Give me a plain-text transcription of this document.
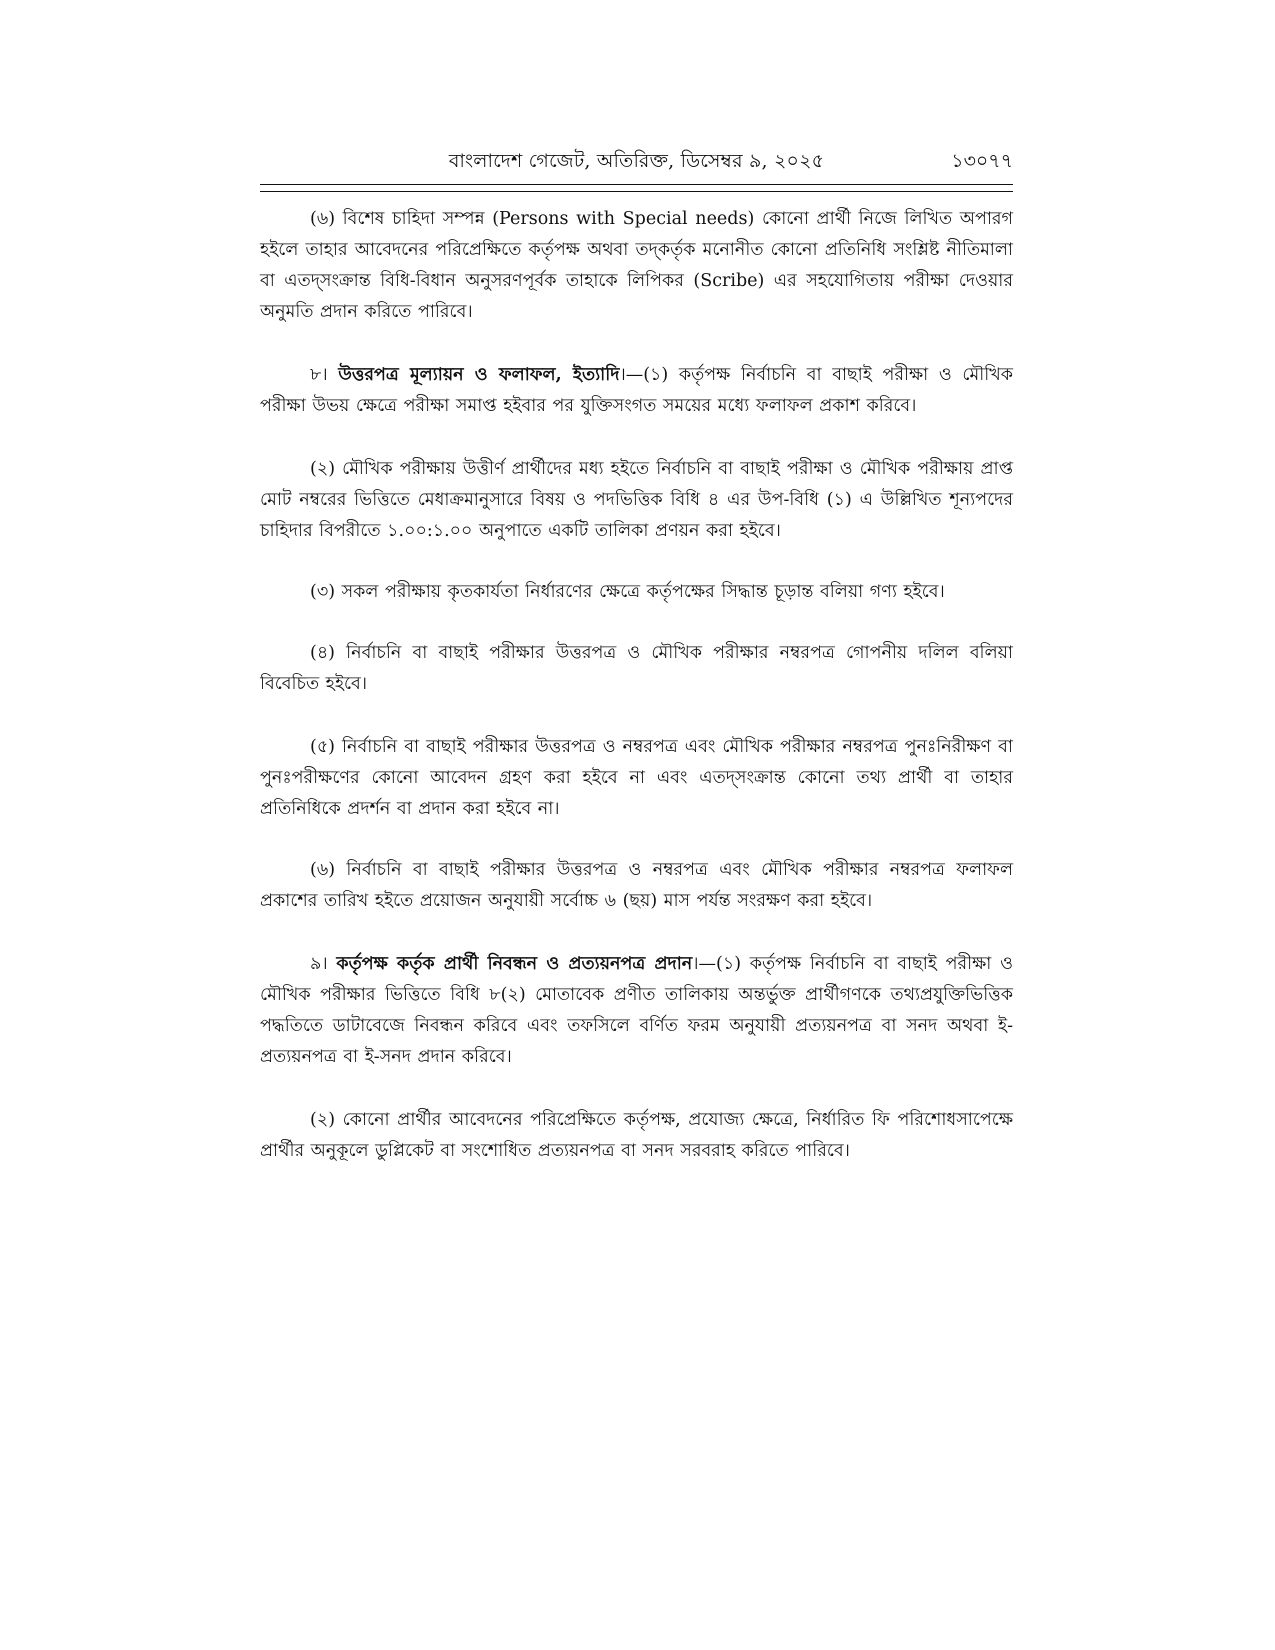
বাংলাদেশ গেজেট, অতিরিক্ত, ডিসেম্বর ৯, ২০২৫	১৩০৭৭

(৬) বিশেষ চাহিদা সম্পন্ন (Persons with Special needs) কোনো প্রার্থী নিজে লিখিত অপারগ হইলে তাহার আবেদনের পরিপ্রেক্ষিতে কর্তৃপক্ষ অথবা তদ্‌কর্তৃক মনোনীত কোনো প্রতিনিধি সংশ্লিষ্ট নীতিমালা বা এতদ্‌সংক্রান্ত বিধি-বিধান অনুসরণপূর্বক তাহাকে লিপিকর (Scribe) এর সহযোগিতায় পরীক্ষা দেওয়ার অনুমতি প্রদান করিতে পারিবে।

৮। উত্তরপত্র মূল্যায়ন ও ফলাফল, ইত্যাদি।—(১) কর্তৃপক্ষ নির্বাচনি বা বাছাই পরীক্ষা ও মৌখিক পরীক্ষা উভয় ক্ষেত্রে পরীক্ষা সমাপ্ত হইবার পর যুক্তিসংগত সময়ের মধ্যে ফলাফল প্রকাশ করিবে।

(২) মৌখিক পরীক্ষায় উত্তীর্ণ প্রার্থীদের মধ্য হইতে নির্বাচনি বা বাছাই পরীক্ষা ও মৌখিক পরীক্ষায় প্রাপ্ত মোট নম্বরের ভিত্তিতে মেধাক্রমানুসারে বিষয় ও পদভিত্তিক বিধি ৪ এর উপ-বিধি (১) এ উল্লিখিত শূন্যপদের চাহিদার বিপরীতে ১.০০:১.০০ অনুপাতে একটি তালিকা প্রণয়ন করা হইবে।

(৩) সকল পরীক্ষায় কৃতকার্যতা নির্ধারণের ক্ষেত্রে কর্তৃপক্ষের সিদ্ধান্ত চূড়ান্ত বলিয়া গণ্য হইবে।

(৪) নির্বাচনি বা বাছাই পরীক্ষার উত্তরপত্র ও মৌখিক পরীক্ষার নম্বরপত্র গোপনীয় দলিল বলিয়া বিবেচিত হইবে।

(৫) নির্বাচনি বা বাছাই পরীক্ষার উত্তরপত্র ও নম্বরপত্র এবং মৌখিক পরীক্ষার নম্বরপত্র পুনঃনিরীক্ষণ বা পুনঃপরীক্ষণের কোনো আবেদন গ্রহণ করা হইবে না এবং এতদ্‌সংক্রান্ত কোনো তথ্য প্রার্থী বা তাহার প্রতিনিধিকে প্রদর্শন বা প্রদান করা হইবে না।

(৬) নির্বাচনি বা বাছাই পরীক্ষার উত্তরপত্র ও নম্বরপত্র এবং মৌখিক পরীক্ষার নম্বরপত্র ফলাফল প্রকাশের তারিখ হইতে প্রয়োজন অনুযায়ী সর্বোচ্চ ৬ (ছয়) মাস পর্যন্ত সংরক্ষণ করা হইবে।

৯। কর্তৃপক্ষ কর্তৃক প্রার্থী নিবন্ধন ও প্রত্যয়নপত্র প্রদান।—(১) কর্তৃপক্ষ নির্বাচনি বা বাছাই পরীক্ষা ও মৌখিক পরীক্ষার ভিত্তিতে বিধি ৮(২) মোতাবেক প্রণীত তালিকায় অন্তর্ভুক্ত প্রার্থীগণকে তথ্যপ্রযুক্তিভিত্তিক পদ্ধতিতে ডাটাবেজে নিবন্ধন করিবে এবং তফসিলে বর্ণিত ফরম অনুযায়ী প্রত্যয়নপত্র বা সনদ অথবা ই-প্রত্যয়নপত্র বা ই-সনদ প্রদান করিবে।

(২) কোনো প্রার্থীর আবেদনের পরিপ্রেক্ষিতে কর্তৃপক্ষ, প্রযোজ্য ক্ষেত্রে, নির্ধারিত ফি পরিশোধসাপেক্ষে প্রার্থীর অনুকূলে ডুপ্লিকেট বা সংশোধিত প্রত্যয়নপত্র বা সনদ সরবরাহ করিতে পারিবে।
